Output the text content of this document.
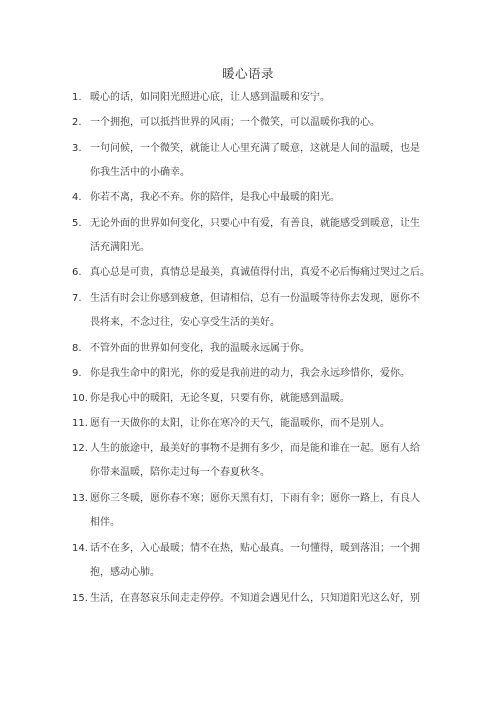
暖心语录
1. 暖心的话，如同阳光照进心底，让人感到温暖和安宁。
2. 一个拥抱，可以抵挡世界的风雨；一个微笑，可以温暖你我的心。
3. 一句问候，一个微笑，就能让人心里充满了暖意，这就是人间的温暖，也是
你我生活中的小确幸。
4. 你若不离，我必不弃。你的陪伴，是我心中最暖的阳光。
5. 无论外面的世界如何变化，只要心中有爱，有善良，就能感受到暖意，让生
活充满阳光。
6. 真心总是可贵，真情总是最美，真诚值得付出，真爱不必后悔痛过哭过之后。
7. 生活有时会让你感到疲惫，但请相信，总有一份温暖等待你去发现，愿你不
畏将来，不念过往，安心享受生活的美好。
8. 不管外面的世界如何变化，我的温暖永远属于你。
9. 你是我生命中的阳光，你的爱是我前进的动力，我会永远珍惜你，爱你。
10. 你是我心中的暖阳，无论冬夏，只要有你，就能感到温暖。
11. 愿有一天做你的太阳，让你在寒冷的天气，能温暖你，而不是别人。
12. 人生的旅途中，最美好的事物不是拥有多少，而是能和谁在一起。愿有人给
你带来温暖，陪你走过每一个春夏秋冬。
13. 愿你三冬暖，愿你春不寒；愿你天黑有灯，下雨有伞；愿你一路上，有良人
相伴。
14. 话不在多，入心最暖；情不在热，贴心最真。一句懂得，暖到落泪；一个拥
抱，感动心肺。
15. 生活，在喜怒哀乐间走走停停。不知道会遇见什么，只知道阳光这么好，别
